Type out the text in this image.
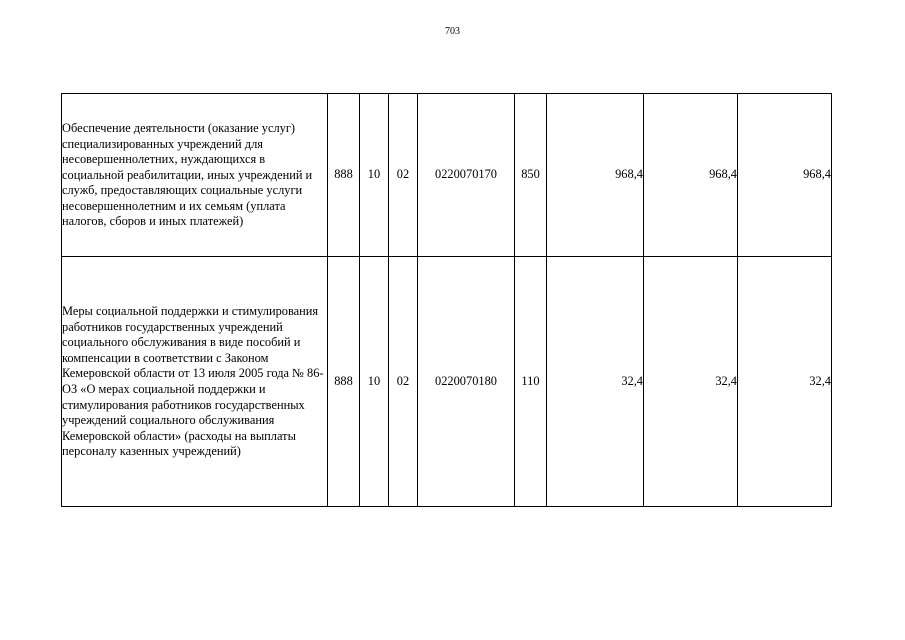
703
Обеспечение деятельности (оказание услуг) специализированных учреждений для несовершеннолетних, нуждающихся в социальной реабилитации, иных учреждений и служб, предоставляющих социальные услуги несовершеннолетним и их семьям (уплата налогов, сборов и иных платежей)	888	10	02	0220070170	850	968,4	968,4	968,4

Меры социальной поддержки и стимулирования работников государственных учреждений социального обслуживания в виде пособий и компенсации в соответствии с Законом Кемеровской области от 13 июля 2005 года № 86-ОЗ «О мерах социальной поддержки и стимулирования работников государственных учреждений социального обслуживания Кемеровской области» (расходы на выплаты персоналу казенных учреждений)	888	10	02	0220070180	110	32,4	32,4	32,4
